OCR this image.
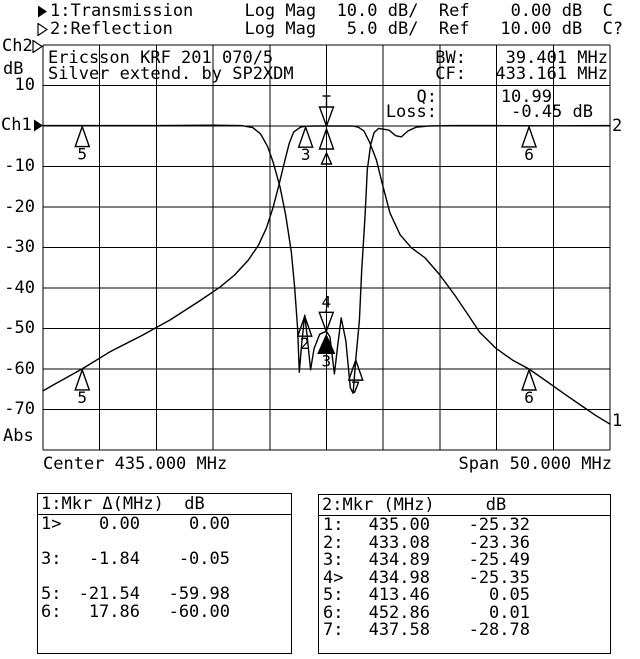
5	3	6
5	6
2
4
3
7
1:Transmission     Log Mag  10.0 dB/  Ref    0.00 dB  C
2:Reflection       Log Mag   5.0 dB/  Ref   10.00 dB  C?
Ch2
dB
Ch1
10
-10
-20
-30
-40
-50
-60
-70
Abs
Ericsson KRF 201 070/5
Silver extend. by SP2XDM
BW:	39.401 MHz
CF:	433.161 MHz
Q:	10.99
Loss:	-0.45 dB
2
1
Center 435.000 MHz	Span 50.000 MHz
1:Mkr Δ(MHz)  dB
1>	0.00	0.00
3:	-1.84	-0.05
5:	-21.54	-59.98
6:	17.86	-60.00
2:Mkr (MHz)     dB
1:	435.00	-25.32
2:	433.08	-23.36
3:	434.89	-25.49
4>	434.98	-25.35
5:	413.46	0.05
6:	452.86	0.01
7:	437.58	-28.78
